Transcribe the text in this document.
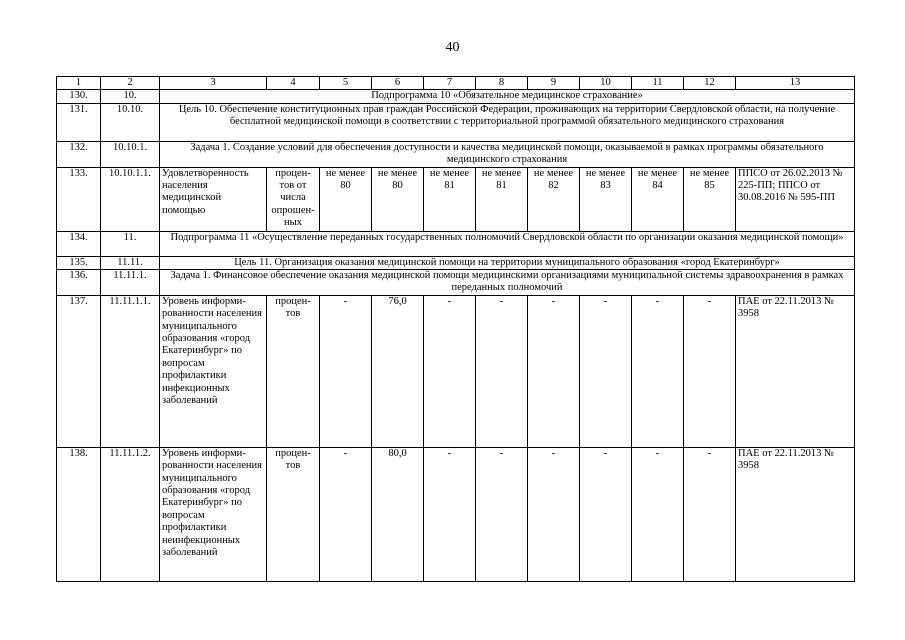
40
1	2	3	4	5	6	7	8	9	10	11	12	13
130.	10.	Подпрограмма 10 «Обязательное медицинское страхование»										
131.	10.10.	Цель 10. Обеспечение конституционных прав граждан Российской Федерации, проживающих на территории Свердловской области, на получение бесплатной медицинской помощи в соответствии с территориальной программой обязательного медицинского страхования										
132.	10.10.1.	Задача 1. Создание условий для обеспечения доступности и качества медицинской помощи, оказываемой в рамках программы обязательного медицинского страхования										
133.	10.10.1.1.	Удовлетворенность населения медицинской помощью	процен-тов от числа опрошен-ных	не менее 80	не менее 80	не менее 81	не менее 81	не менее 82	не менее 83	не менее 84	не менее 85	ППСО от 26.02.2013 № 225-ПП; ППСО от 30.08.2016 № 595-ПП
134.	11.	Подпрограмма 11 «Осуществление переданных государственных полномочий Свердловской области по организации оказания медицинской помощи»										
135.	11.11.	Цель 11. Организация оказания медицинской помощи на территории муниципального образования «город Екатеринбург»										
136.	11.11.1.	Задача 1. Финансовое обеспечение оказания медицинской помощи медицинскими организациями муниципальной системы здравоохранения в рамках переданных полномочий										
137.	11.11.1.1.	Уровень информи-рованности населения муниципального образования «город Екатеринбург» по вопросам профилактики инфекционных заболеваний	процен-тов	-	76,0	-	-	-	-	-	-	ПАЕ от 22.11.2013 № 3958
138.	11.11.1.2.	Уровень информи-рованности населения муниципального образования «город Екатеринбург» по вопросам профилактики неинфекционных заболеваний	процен-тов	-	80,0	-	-	-	-	-	-	ПАЕ от 22.11.2013 № 3958
